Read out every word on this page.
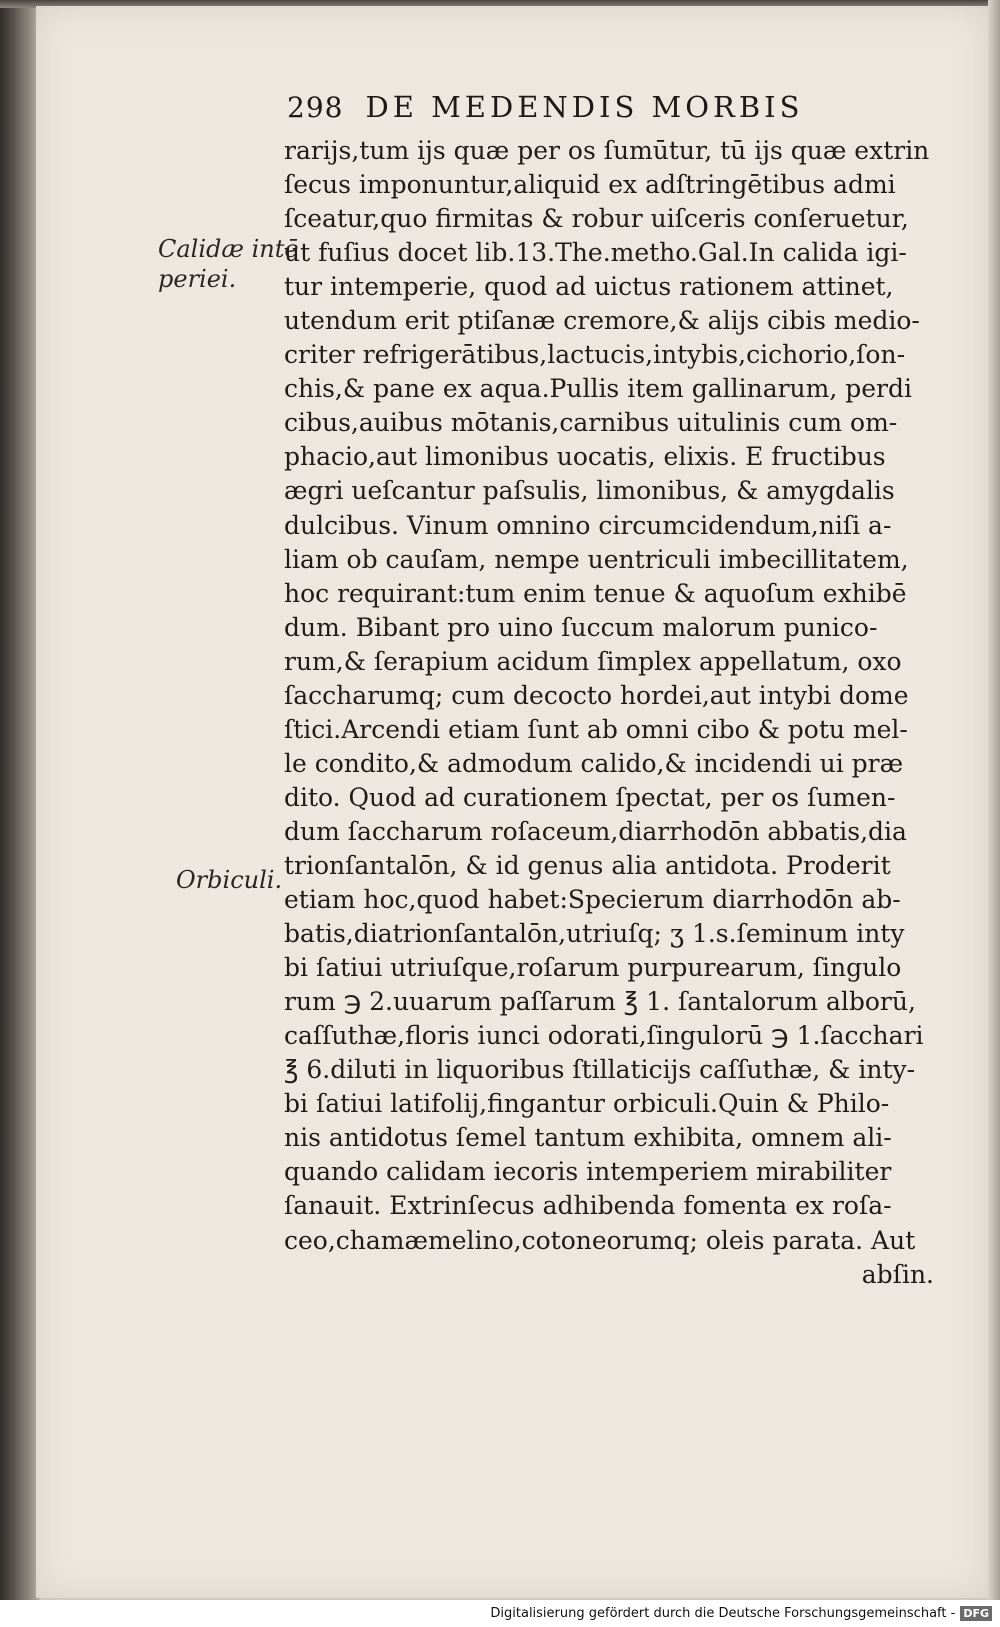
298 DE MEDENDIS MORBIS
Calidæ intē
periei.
Orbiculi.
rarijs,tum ijs quæ per os ſumūtur, tū ijs quæ extrin
ſecus imponuntur,aliquid ex adſtringētibus admi
ſceatur,quo firmitas & robur uiſceris conſeruetur,
ut fuſius docet lib.13.The.metho.Gal.In calida igi-
tur intemperie, quod ad uictus rationem attinet,
utendum erit ptiſanæ cremore,& alijs cibis medio-
criter refrigerātibus,lactucis,intybis,cichorio,ſon-
chis,& pane ex aqua.Pullis item gallinarum, perdi
cibus,auibus mōtanis,carnibus uitulinis cum om-
phacio,aut limonibus uocatis, elixis. E fructibus
ægri ueſcantur paſsulis, limonibus, & amygdalis
dulcibus. Vinum omnino circumcidendum,niſi a-
liam ob cauſam, nempe uentriculi imbecillitatem,
hoc requirant:tum enim tenue & aquoſum exhibē
dum. Bibant pro uino ſuccum malorum punico-
rum,& ſerapium acidum ſimplex appellatum, oxo
ſaccharumq; cum decocto hordei,aut intybi dome
ſtici.Arcendi etiam ſunt ab omni cibo & potu mel-
le condito,& admodum calido,& incidendi ui præ
dito. Quod ad curationem ſpectat, per os ſumen-
dum ſaccharum roſaceum,diarrhodōn abbatis,dia
trionſantalōn, & id genus alia antidota. Proderit
etiam hoc,quod habet:Specierum diarrhodōn ab-
batis,diatrionſantalōn,utriuſq; ʒ 1.s.ſeminum inty
bi ſatiui utriuſque,roſarum purpurearum, ſingulo
rum ℈ 2.uuarum paſſarum ℥ 1. ſantalorum alborū,
caſſuthæ,floris iunci odorati,ſingulorū ℈ 1.ſacchari
℥ 6.diluti in liquoribus ſtillaticijs caſſuthæ, & inty-
bi ſatiui latifolij,fingantur orbiculi.Quin & Philo-
nis antidotus ſemel tantum exhibita, omnem ali-
quando calidam iecoris intemperiem mirabiliter
ſanauit. Extrinſecus adhibenda fomenta ex roſa-
ceo,chamæmelino,cotoneorumq; oleis parata. Aut
abſin.
Digitalisierung gefördert durch die Deutsche Forschungsgemeinschaft - DFG
